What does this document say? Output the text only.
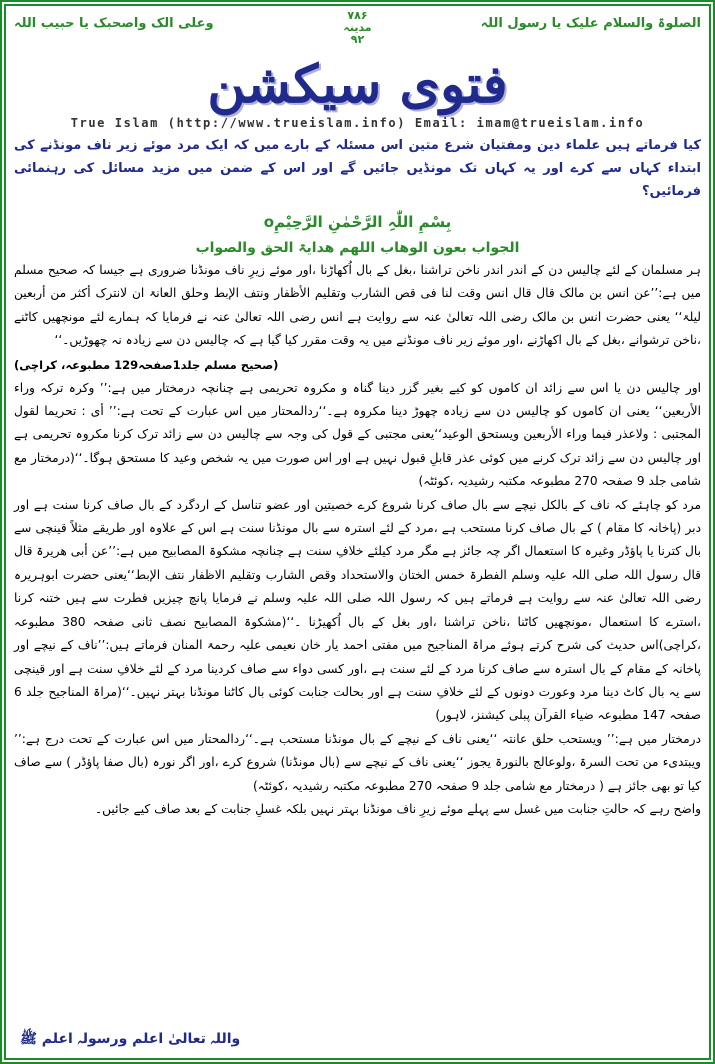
الصلوۃ والسلام علیک یا رسول اللہ
۷۸۶
مدینہ
۹۲
وعلی الک واصحبک یا حبیب اللہ
فتوی سیکشن
True Islam (http://www.trueislam.info) Email: imam@trueislam.info

کیا فرماتے ہیں علماء دین ومفتیان شرع متین اس مسئلہ کے بارے میں کہ ایک مرد موئے زیر ناف مونڈنے کی ابتداء کہاں سے کرے اور یہ کہاں تک مونڈیں جائیں گے اور اس کے ضمن میں مزید مسائل کی رہنمائی فرمائیں؟

بِسْمِ اللّٰہِ الرَّحْمٰنِ الرَّحِیْمِo

الجواب بعون الوھاب اللھم ھدایۃ الحق والصواب

ہر مسلمان کے لئے چالیس دن کے اندر اندر ناخن تراشنا ،بغل کے بال اُکھاڑنا ،اور موئے زیرِ ناف مونڈنا ضروری ہے جیسا کہ صحیح مسلم میں ہے:’’عن انس بن مالک قال قال انس وقت لنا فی قص الشارب وتقلیم الأظفار ونتف الإبط وحلق العانۃ ان لانترک أکثر من أربعین لیلۃ‘‘ یعنی حضرت انس بن مالک رضی اللہ تعالیٰ عنہ سے روایت ہے انس رضی اللہ تعالیٰ عنہ نے فرمایا کہ ہمارے لئے مونچھیں کاٹنے ،ناخن ترشوانے ،بغل کے بال اکھاڑنے ،اور موئے زیر ناف مونڈنے میں یہ وقت مقرر کیا گیا ہے کہ چالیس دن سے زیادہ نہ چھوڑیں۔‘‘

(صحیح مسلم جلد1صفحہ129 مطبوعہ، کراچی)

اور چالیس دن یا اس سے زائد ان کاموں کو کیے بغیر گزر دینا گناہ و مکروہ تحریمی ہے چنانچہ درمختار میں ہے:’’ وکرہ ترکہ وراء الأربعین‘‘ یعنی ان کاموں کو چالیس دن سے زیادہ چھوڑ دینا مکروہ ہے۔‘‘ردالمحتار میں اس عبارت کے تحت ہے:’’ أی : تحریما لقول المجتبی : ولاعذر فیما وراء الأربعین ویستحق الوعید‘‘یعنی مجتبی کے قول کی وجہ سے چالیس دن سے زائد ترک کرنا مکروہ تحریمی ہے اور چالیس دن سے زائد ترک کرنے میں کوئی عذر قابلِ قبول نہیں ہے اور اس صورت میں یہ شخص وعید کا مستحق ہوگا۔‘‘(درمختار مع شامی جلد 9 صفحہ 270 مطبوعہ مکتبہ رشیدیہ ،کوئٹہ)

مرد کو چاہئے کہ ناف کے بالکل نیچے سے بال صاف کرنا شروع کرے خصیتین اور عضو تناسل کے اردگرد کے بال صاف کرنا سنت ہے اور دبر (پاخانہ کا مقام ) کے بال صاف کرنا مستحب ہے ،مرد کے لئے استرہ سے بال مونڈنا سنت ہے اس کے علاوہ اور طریقے مثلاً قینچی سے بال کترنا یا پاؤڈر وغیرہ کا استعمال اگر چہ جائز ہے مگر مرد کیلئے خلافِ سنت ہے چنانچہ مشکوۃ المصابیح میں ہے:’’عن أبی ھریرۃ قال قال رسول اللہ صلی اللہ علیہ وسلم الفطرۃ خمس الختان والاستحداد وقص الشارب وتقلیم الاظفار نتف الإبط‘‘یعنی حضرت ابوہریرہ رضی اللہ تعالیٰ عنہ سے روایت ہے فرماتے ہیں کہ رسول اللہ صلی اللہ علیہ وسلم نے فرمایا پانچ چیزیں فطرت سے ہیں ختنہ کرنا ،استرے کا استعمال ،مونچھیں کاٹنا ،ناخن تراشنا ،اور بغل کے بال اُکھیڑنا ۔‘‘(مشکوۃ المصابیح نصف ثانی صفحہ 380 مطبوعہ ،کراچی)اس حدیث کی شرح کرتے ہوئے مراۃ المناجیح میں مفتی احمد یار خان نعیمی علیہ رحمۃ المنان فرماتے ہیں:’’ناف کے نیچے اور پاخانہ کے مقام کے بال استرہ سے صاف کرنا مرد کے لئے سنت ہے ،اور کسی دواء سے صاف کردینا مرد کے لئے خلافِ سنت ہے اور قینچی سے یہ بال کاٹ دینا مرد وعورت دونوں کے لئے خلافِ سنت ہے اور بحالت جنابت کوئی بال کاٹنا مونڈنا بہتر نہیں۔‘‘(مراۃ المناجیح جلد 6 صفحہ 147 مطبوعہ ضیاء القرآن پبلی کیشنز، لاہور)

درمختار میں ہے:’’ ویستحب حلق عانتہ ‘‘یعنی ناف کے نیچے کے بال مونڈنا مستحب ہے۔‘‘ردالمحتار میں اس عبارت کے تحت درج ہے:’’ ویبتدیء من تحت السرۃ ،ولوعالج بالنورۃ یجوز ‘‘یعنی ناف کے نیچے سے (بال مونڈنا) شروع کرے ،اور اگر نورہ (بال صفا پاؤڈر ) سے صاف کیا تو بھی جائز ہے ( درمختار مع شامی جلد 9 صفحہ 270 مطبوعہ مکتبہ رشیدیہ ،کوئٹہ)

واضح رہے کہ حالتِ جنابت میں غسل سے پہلے موئے زیرِ ناف مونڈنا بہتر نہیں بلکہ غسلِ جنابت کے بعد صاف کیے جائیں۔

واللہ تعالیٰ اعلم ورسولہ اعلم ﷺ
